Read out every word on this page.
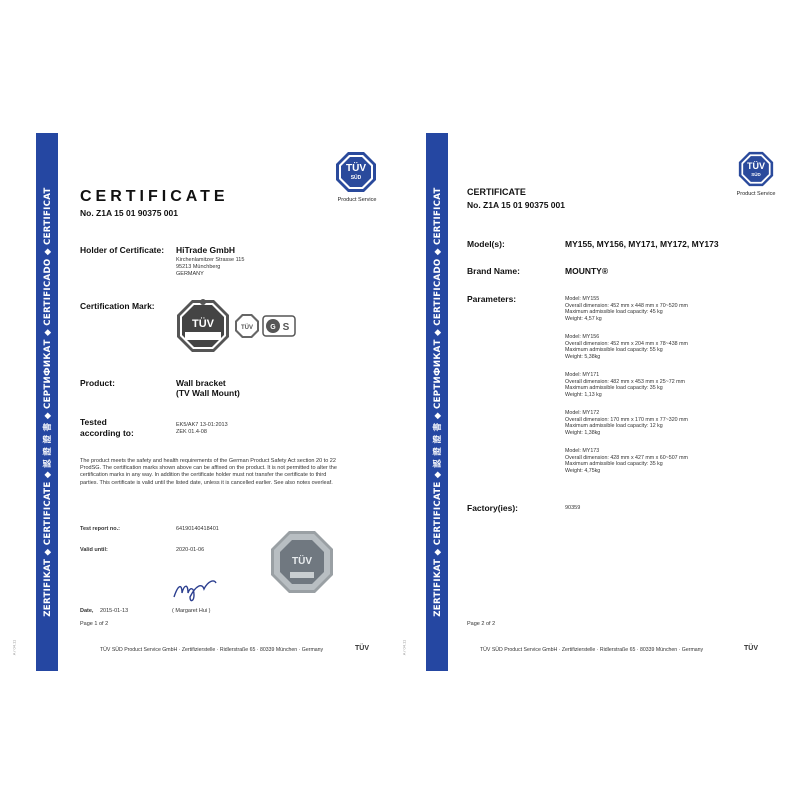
ZERTIFIKAT ◆ CERTIFICATE ◆ 認 證 證 書 ◆ СЕРТИФИКАТ ◆ CERTIFICADO ◆ CERTIFICAT
TÜV
SÜD
Product Service
CERTIFICATE
No. Z1A 15 01 90375 001
Holder of Certificate: HiTrade GmbH
Kirchenlamitzer Strasse 115
95213 Münchberg
GERMANY
Certification Mark:
TÜV	TÜV G S
Product:	Wall bracket
(TV Wall Mount)
Tested
according to:
EK5/AK7 13-01:2013
ZEK 01.4-08
The product meets the safety and health requirements of the German Product Safety Act section 20 to 22 ProdSG. The certification marks shown above can be affixed on the product. It is not permitted to alter the certification marks in any way. In addition the certificate holder must not transfer the certificate to third parties. This certificate is valid until the listed date, unless it is cancelled earlier. See also notes overleaf.
Test report no.:	64190140418401
Valid until:	2020-01-06
TÜV
( Margaret Hui )
Date, 2015-01-13
Page 1 of 2
TÜV SÜD Product Service GmbH · Zertifizierstelle · Ridlerstraße 65 · 80339 München · Germany	TÜV
A / 04.11
ZERTIFIKAT ◆ CERTIFICATE ◆ 認 證 證 書 ◆ СЕРТИФИКАТ ◆ CERTIFICADO ◆ CERTIFICAT
TÜV
SÜD
Product Service
CERTIFICATE
No. Z1A 15 01 90375 001
Model(s):	MY155, MY156, MY171, MY172, MY173
Brand Name:	MOUNTY®
Parameters:	Model: MY155
Overall dimension: 452 mm x 448 mm x 70~520 mm
Maximum admissible load capacity: 45 kg
Weight: 4,57 kg
Model: MY156
Overall dimension: 452 mm x 204 mm x 78~438 mm
Maximum admissible load capacity: 55 kg
Weight: 5,38kg
Model: MY171
Overall dimension: 482 mm x 453 mm x 25~72 mm
Maximum admissible load capacity: 35 kg
Weight: 1,13 kg
Model: MY172
Overall dimension: 170 mm x 170 mm x 77~320 mm
Maximum admissible load capacity: 12 kg
Weight: 1,38kg
Model: MY173
Overall dimension: 428 mm x 427 mm x 60~507 mm
Maximum admissible load capacity: 35 kg
Weight: 4,75kg
Factory(ies):	90359
Page 2 of 2
TÜV SÜD Product Service GmbH · Zertifizierstelle · Ridlerstraße 65 · 80339 München · Germany	TÜV
A / 04.11
